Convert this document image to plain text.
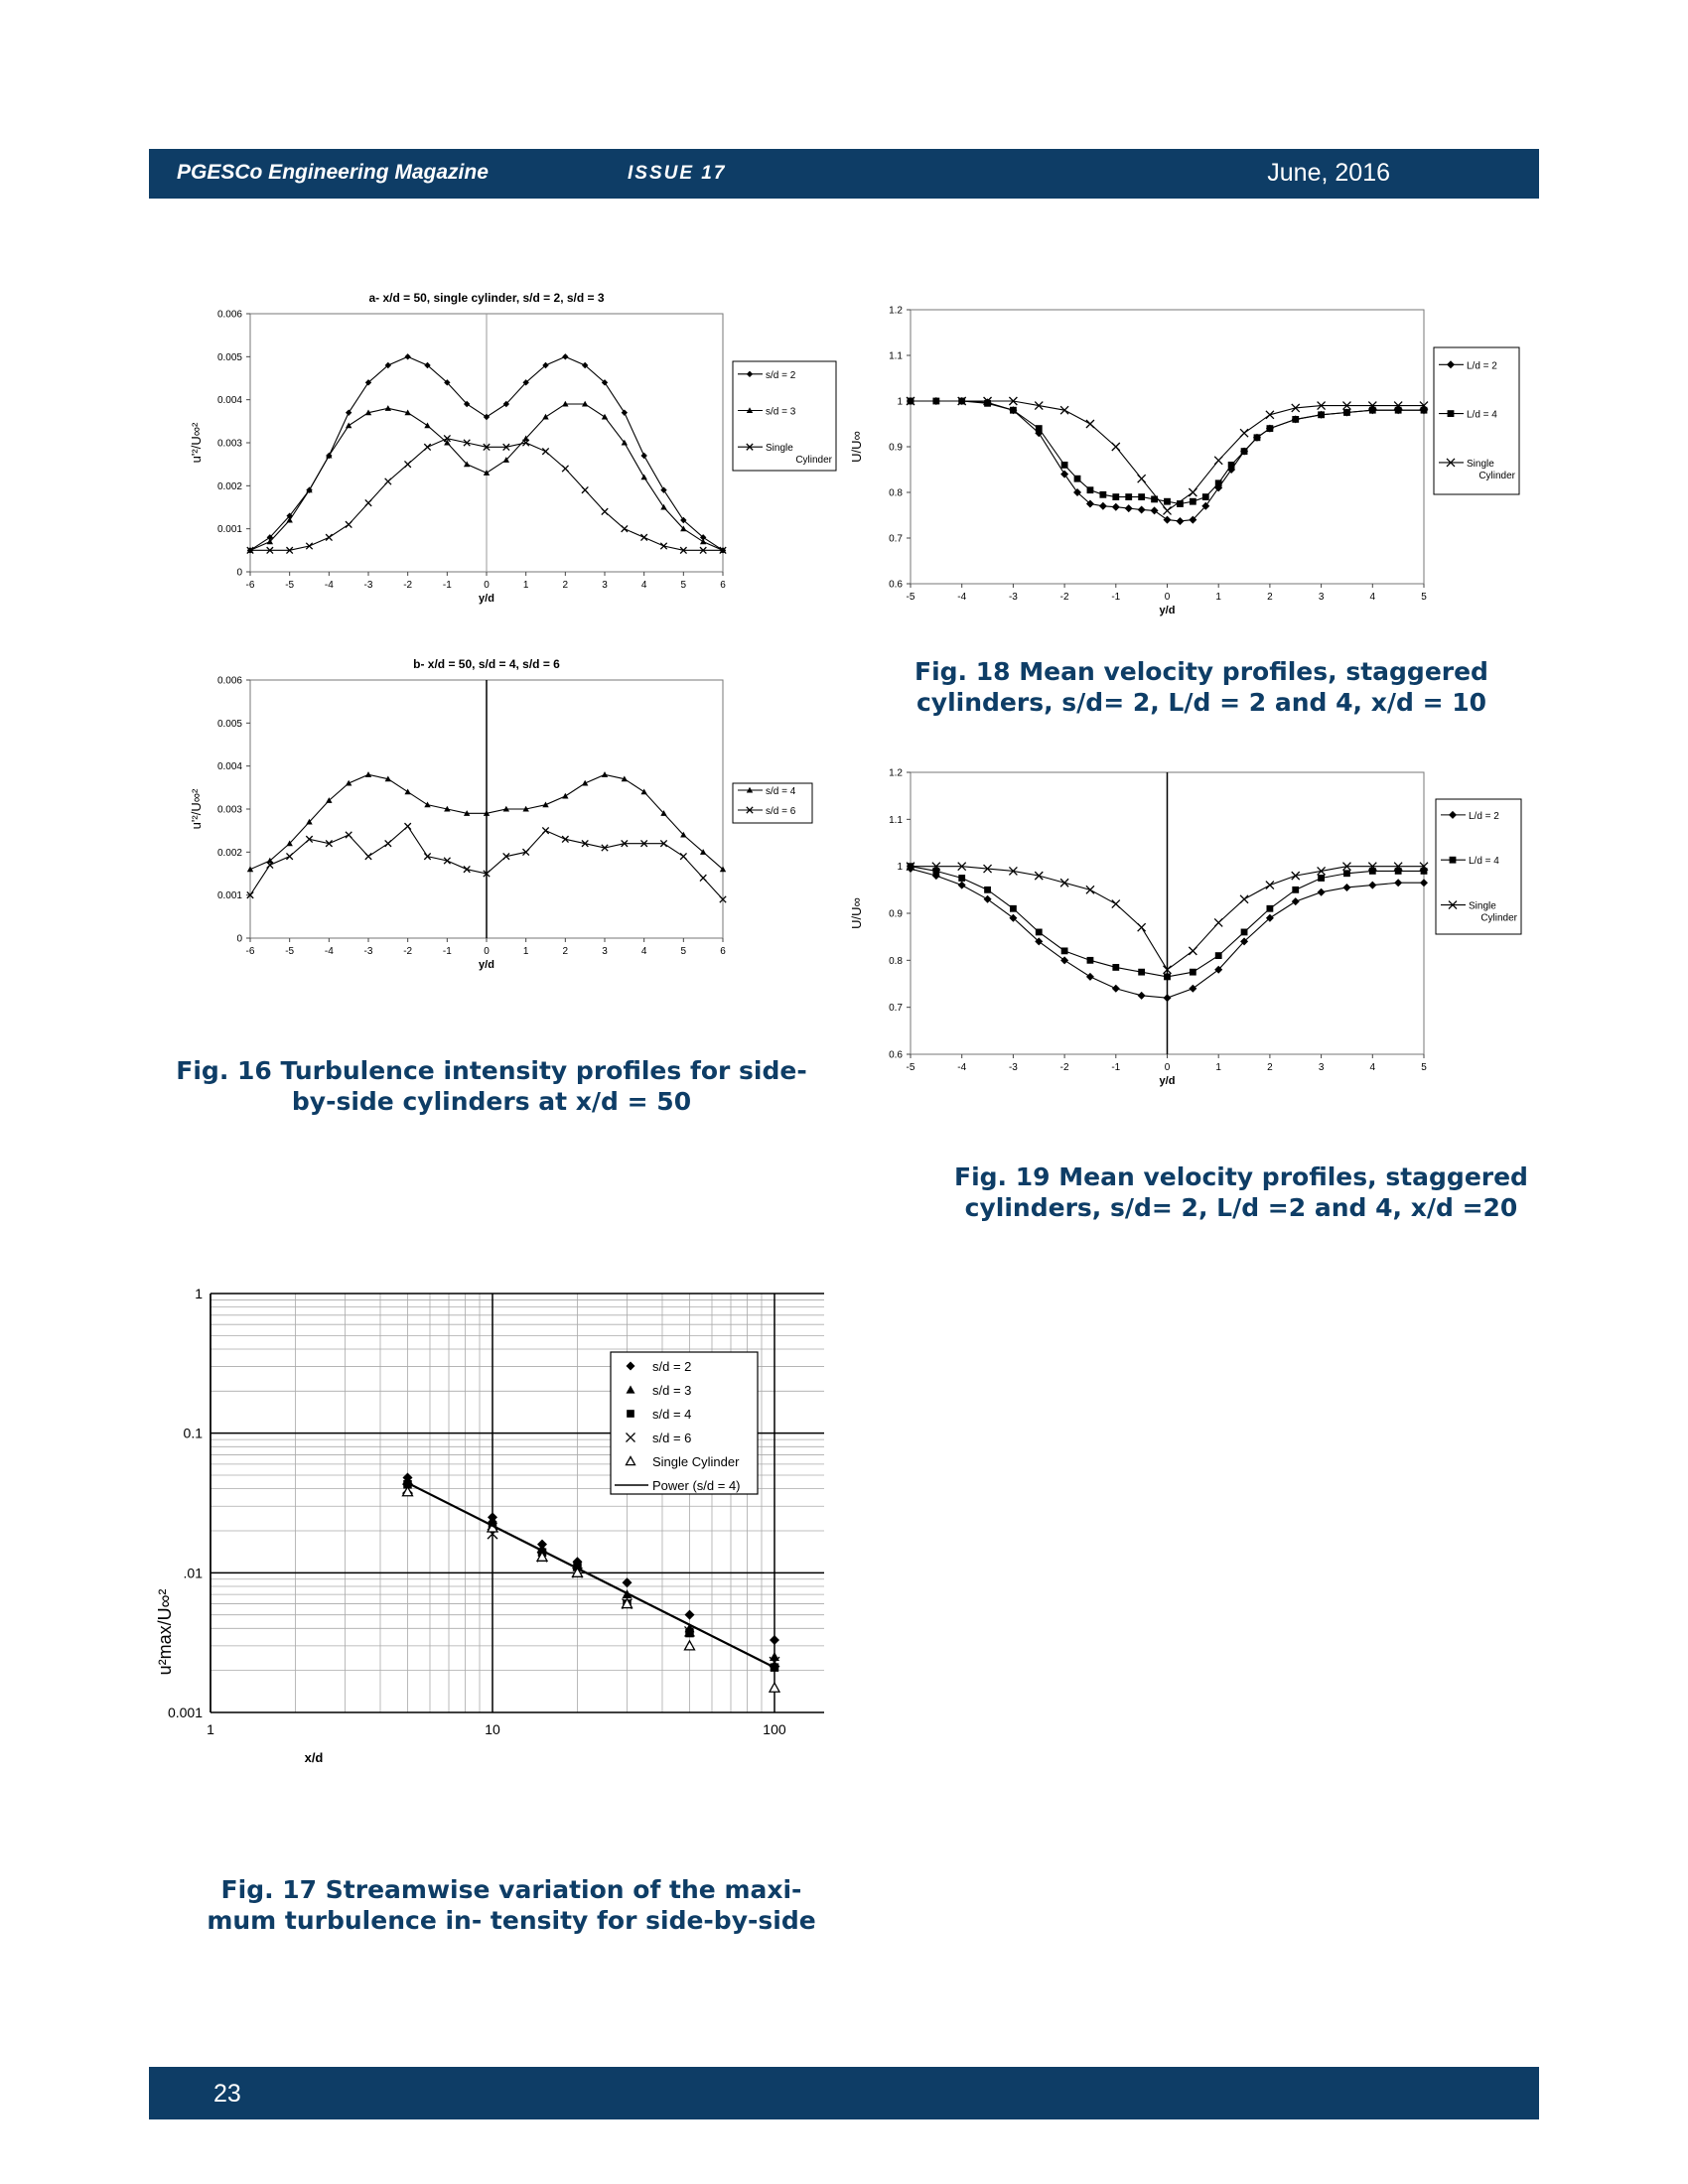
PGESCo Engineering Magazine	ISSUE 17	June, 2016
a- x/d = 50, single cylinder, s/d = 2, s/d = 3
0
0.001
0.002
0.003
0.004
0.005
0.006
-6	-5	-4	-3	-2	-1	0	1	2	3	4	5	6
y/d
u'²/U∞²
s/d = 2
s/d = 3
Single
Cylinder
b- x/d = 50, s/d = 4, s/d = 6
0
0.001
0.002
0.003
0.004
0.005
0.006
-6	-5	-4	-3	-2	-1	0	1	2	3	4	5	6
y/d
u'²/U∞²	s/d = 4
s/d = 6
0.6
0.7
0.8
0.9
1
1.1
1.2
-5	-4	-3	-2	-1	0	1	2	3	4	5
y/d
U/U∞
L/d = 2
L/d = 4
Single
Cylinder
0.6
0.7
0.8
0.9
1
1.1
1.2
-5	-4	-3	-2	-1	0	1	2	3	4	5
y/d
U/U∞
L/d = 2
L/d = 4
Single
Cylinder
0.001
.01
0.1
1
1	10	100
x/d
u²max/U∞²
s/d = 2
s/d = 3
s/d = 4
s/d = 6
Single Cylinder
Power (s/d = 4)
Fig. 16 Turbulence intensity profiles for side-by-side cylinders at x/d = 50
Fig. 17 Streamwise variation of the maxi-mum turbulence in- tensity for side-by-side
Fig. 18 Mean velocity profiles, staggered cylinders, s/d= 2, L/d = 2 and 4, x/d = 10
Fig. 19 Mean velocity profiles, staggered cylinders, s/d= 2, L/d =2 and 4, x/d =20
23
